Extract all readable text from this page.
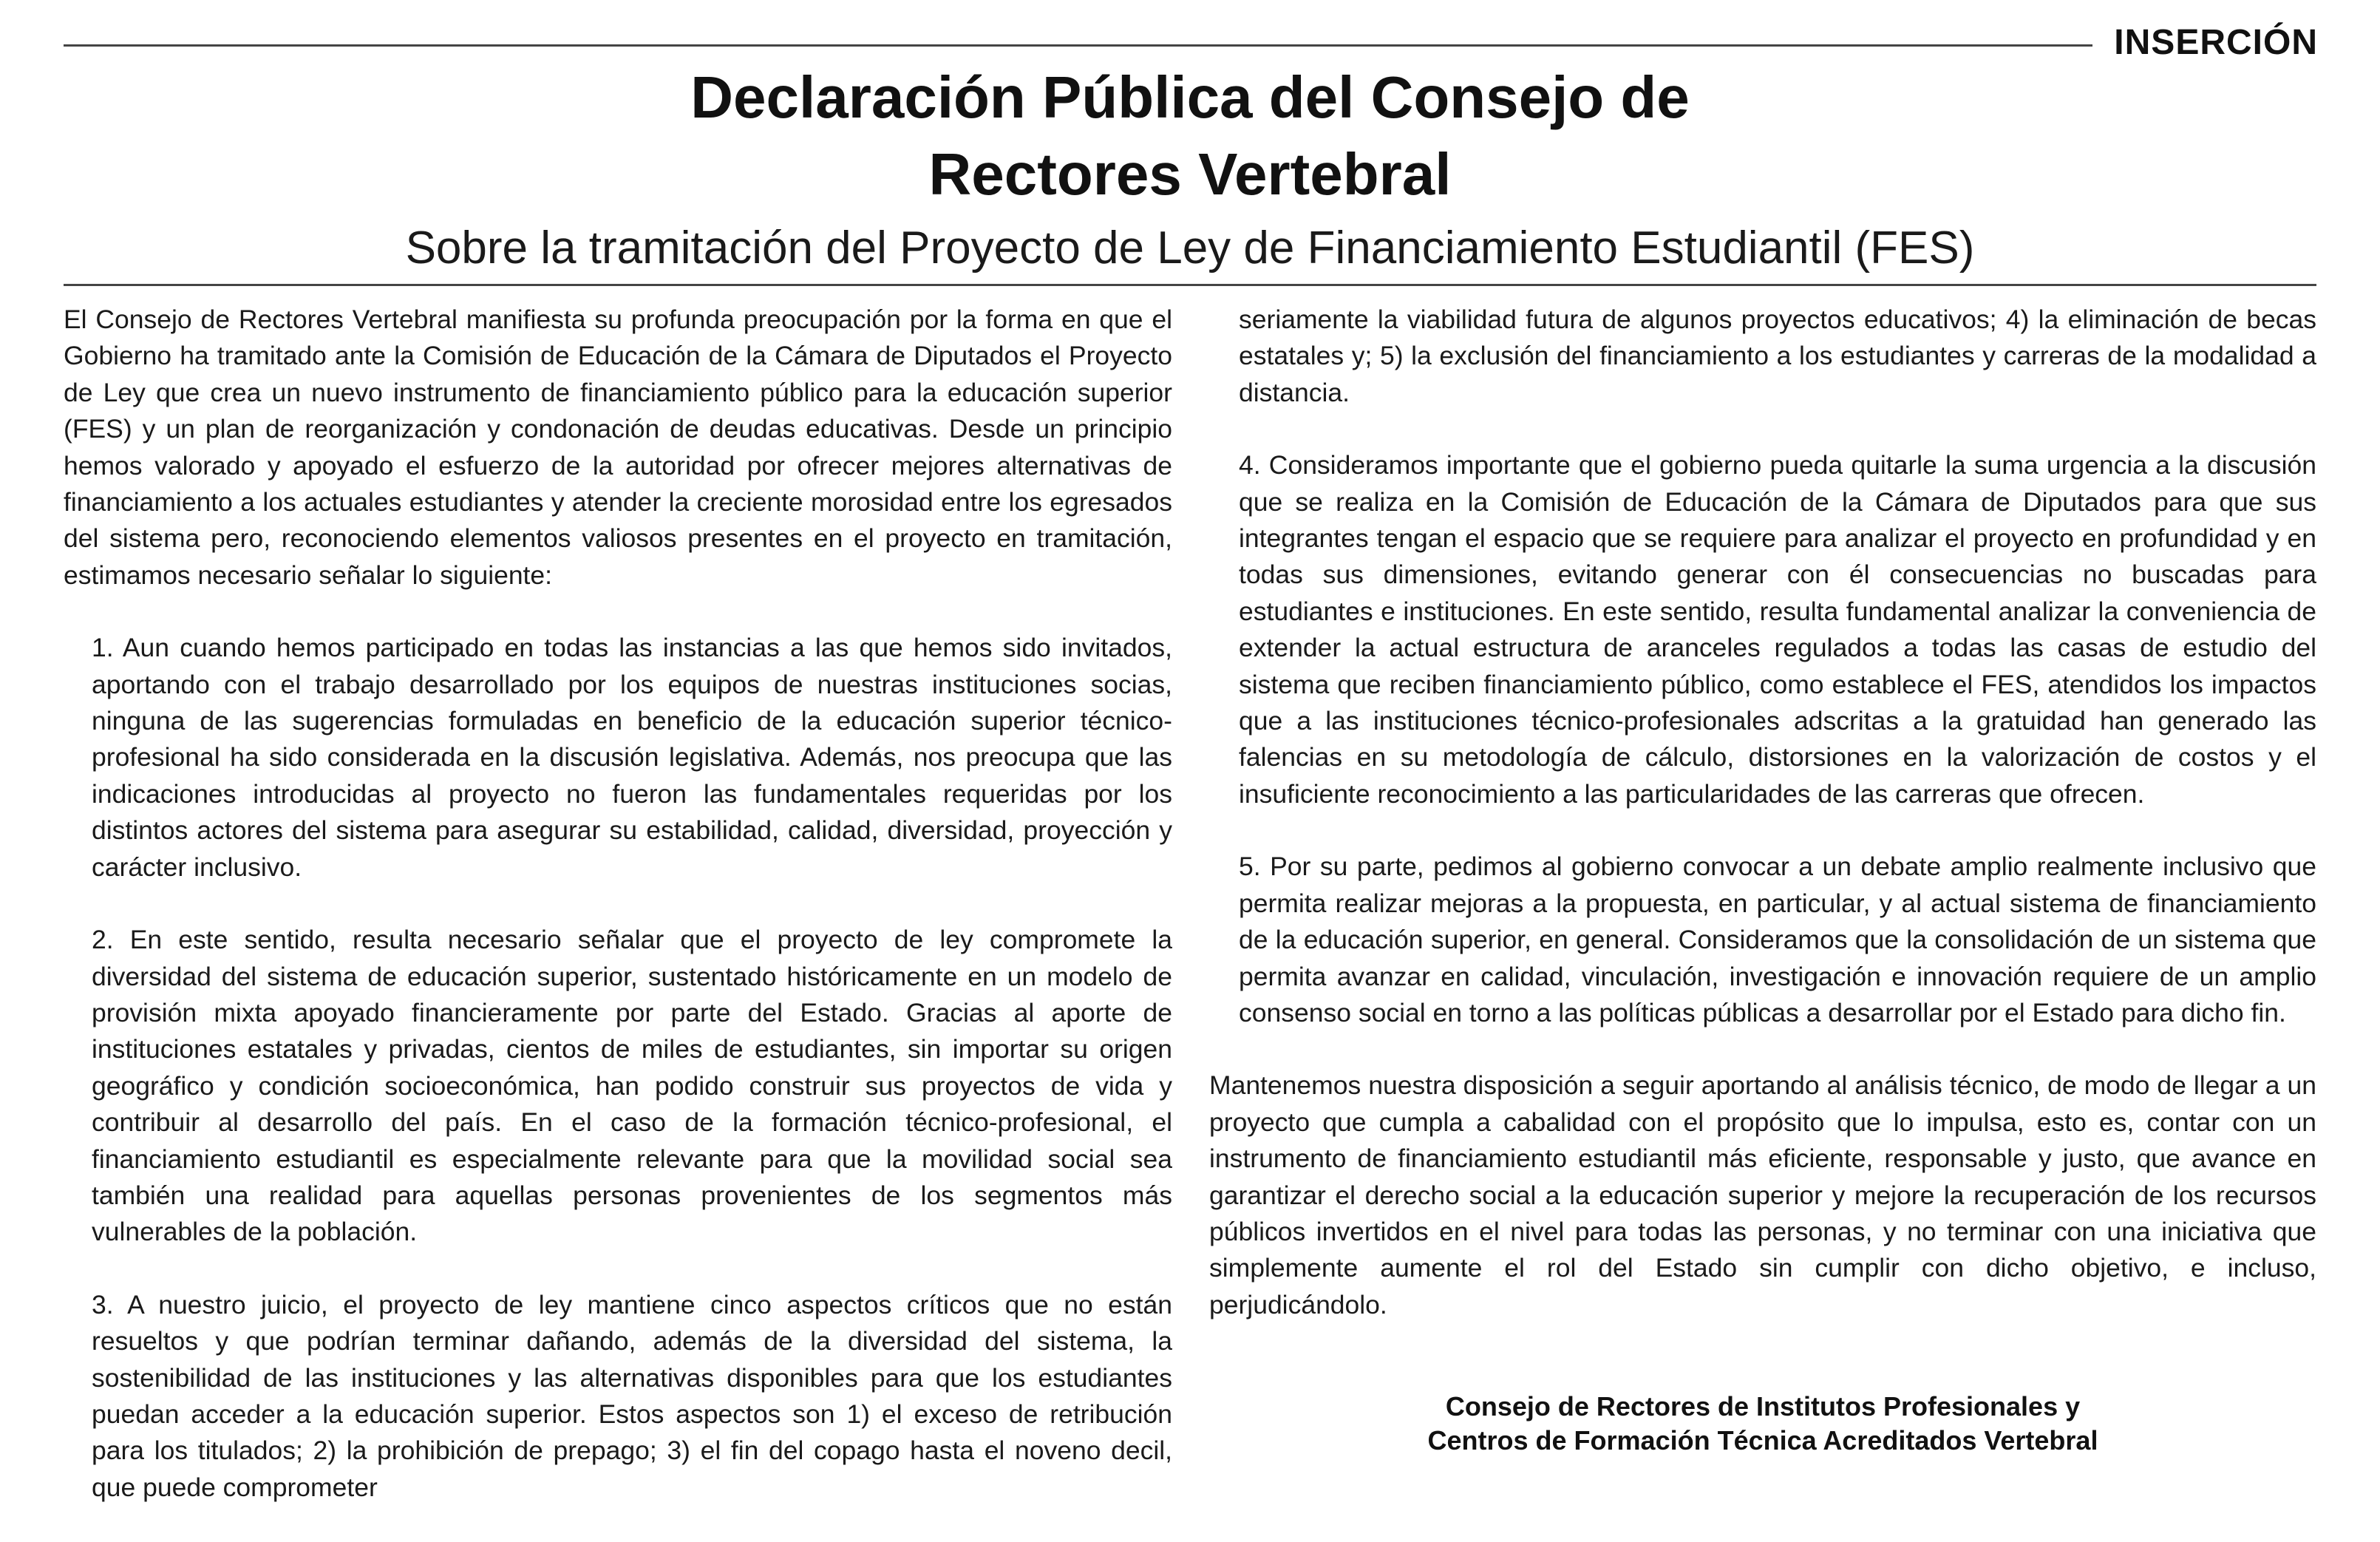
INSERCIÓN
Declaración Pública del Consejo de
Rectores Vertebral
Sobre la tramitación del Proyecto de Ley de Financiamiento Estudiantil (FES)

El Consejo de Rectores Vertebral manifiesta su profunda preocupación por la forma en que el Gobierno ha tramitado ante la Comisión de Educación de la Cámara de Diputados el Proyecto de Ley que crea un nuevo instrumento de financiamiento público para la educación superior (FES) y un plan de reorganización y condonación de deudas educativas. Desde un principio hemos valorado y apoyado el esfuerzo de la autoridad por ofrecer mejores alternativas de financiamiento a los actuales estudiantes y atender la creciente morosidad entre los egresados del sistema pero, reconociendo elementos valiosos presentes en el proyecto en tramitación, estimamos necesario señalar lo siguiente:

1. Aun cuando hemos participado en todas las instancias a las que hemos sido invitados, aportando con el trabajo desarrollado por los equipos de nuestras instituciones socias, ninguna de las sugerencias formuladas en beneficio de la educación superior técnico-profesional ha sido considerada en la discusión legislativa. Además, nos preocupa que las indicaciones introducidas al proyecto no fueron las fundamentales requeridas por los distintos actores del sistema para asegurar su estabilidad, calidad, diversidad, proyección y carácter inclusivo.

2. En este sentido, resulta necesario señalar que el proyecto de ley compromete la diversidad del sistema de educación superior, sustentado históricamente en un modelo de provisión mixta apoyado financieramente por parte del Estado. Gracias al aporte de instituciones estatales y privadas, cientos de miles de estudiantes, sin importar su origen geográfico y condición socioeconómica, han podido construir sus proyectos de vida y contribuir al desarrollo del país. En el caso de la formación técnico-profesional, el financiamiento estudiantil es especialmente relevante para que la movilidad social sea también una realidad para aquellas personas provenientes de los segmentos más vulnerables de la población.

3. A nuestro juicio, el proyecto de ley mantiene cinco aspectos críticos que no están resueltos y que podrían terminar dañando, además de la diversidad del sistema, la sostenibilidad de las instituciones y las alternativas disponibles para que los estudiantes puedan acceder a la educación superior. Estos aspectos son 1) el exceso de retribución para los titulados; 2) la prohibición de prepago; 3) el fin del copago hasta el noveno decil, que puede comprometer

seriamente la viabilidad futura de algunos proyectos educativos; 4) la eliminación de becas estatales y; 5) la exclusión del financiamiento a los estudiantes y carreras de la modalidad a distancia.

4. Consideramos importante que el gobierno pueda quitarle la suma urgencia a la discusión que se realiza en la Comisión de Educación de la Cámara de Diputados para que sus integrantes tengan el espacio que se requiere para analizar el proyecto en profundidad y en todas sus dimensiones, evitando generar con él consecuencias no buscadas para estudiantes e instituciones. En este sentido, resulta fundamental analizar la conveniencia de extender la actual estructura de aranceles regulados a todas las casas de estudio del sistema que reciben financiamiento público, como establece el FES, atendidos los impactos que a las instituciones técnico-profesionales adscritas a la gratuidad han generado las falencias en su metodología de cálculo, distorsiones en la valorización de costos y el insuficiente reconocimiento a las particularidades de las carreras que ofrecen.

5. Por su parte, pedimos al gobierno convocar a un debate amplio realmente inclusivo que permita realizar mejoras a la propuesta, en particular, y al actual sistema de financiamiento de la educación superior, en general. Consideramos que la consolidación de un sistema que permita avanzar en calidad, vinculación, investigación e innovación requiere de un amplio consenso social en torno a las políticas públicas a desarrollar por el Estado para dicho fin.

Mantenemos nuestra disposición a seguir aportando al análisis técnico, de modo de llegar a un proyecto que cumpla a cabalidad con el propósito que lo impulsa, esto es, contar con un instrumento de financiamiento estudiantil más eficiente, responsable y justo, que avance en garantizar el derecho social a la educación superior y mejore la recuperación de los recursos públicos invertidos en el nivel para todas las personas, y no terminar con una iniciativa que simplemente aumente el rol del Estado sin cumplir con dicho objetivo, e incluso, perjudicándolo.

Consejo de Rectores de Institutos Profesionales y
Centros de Formación Técnica Acreditados Vertebral
